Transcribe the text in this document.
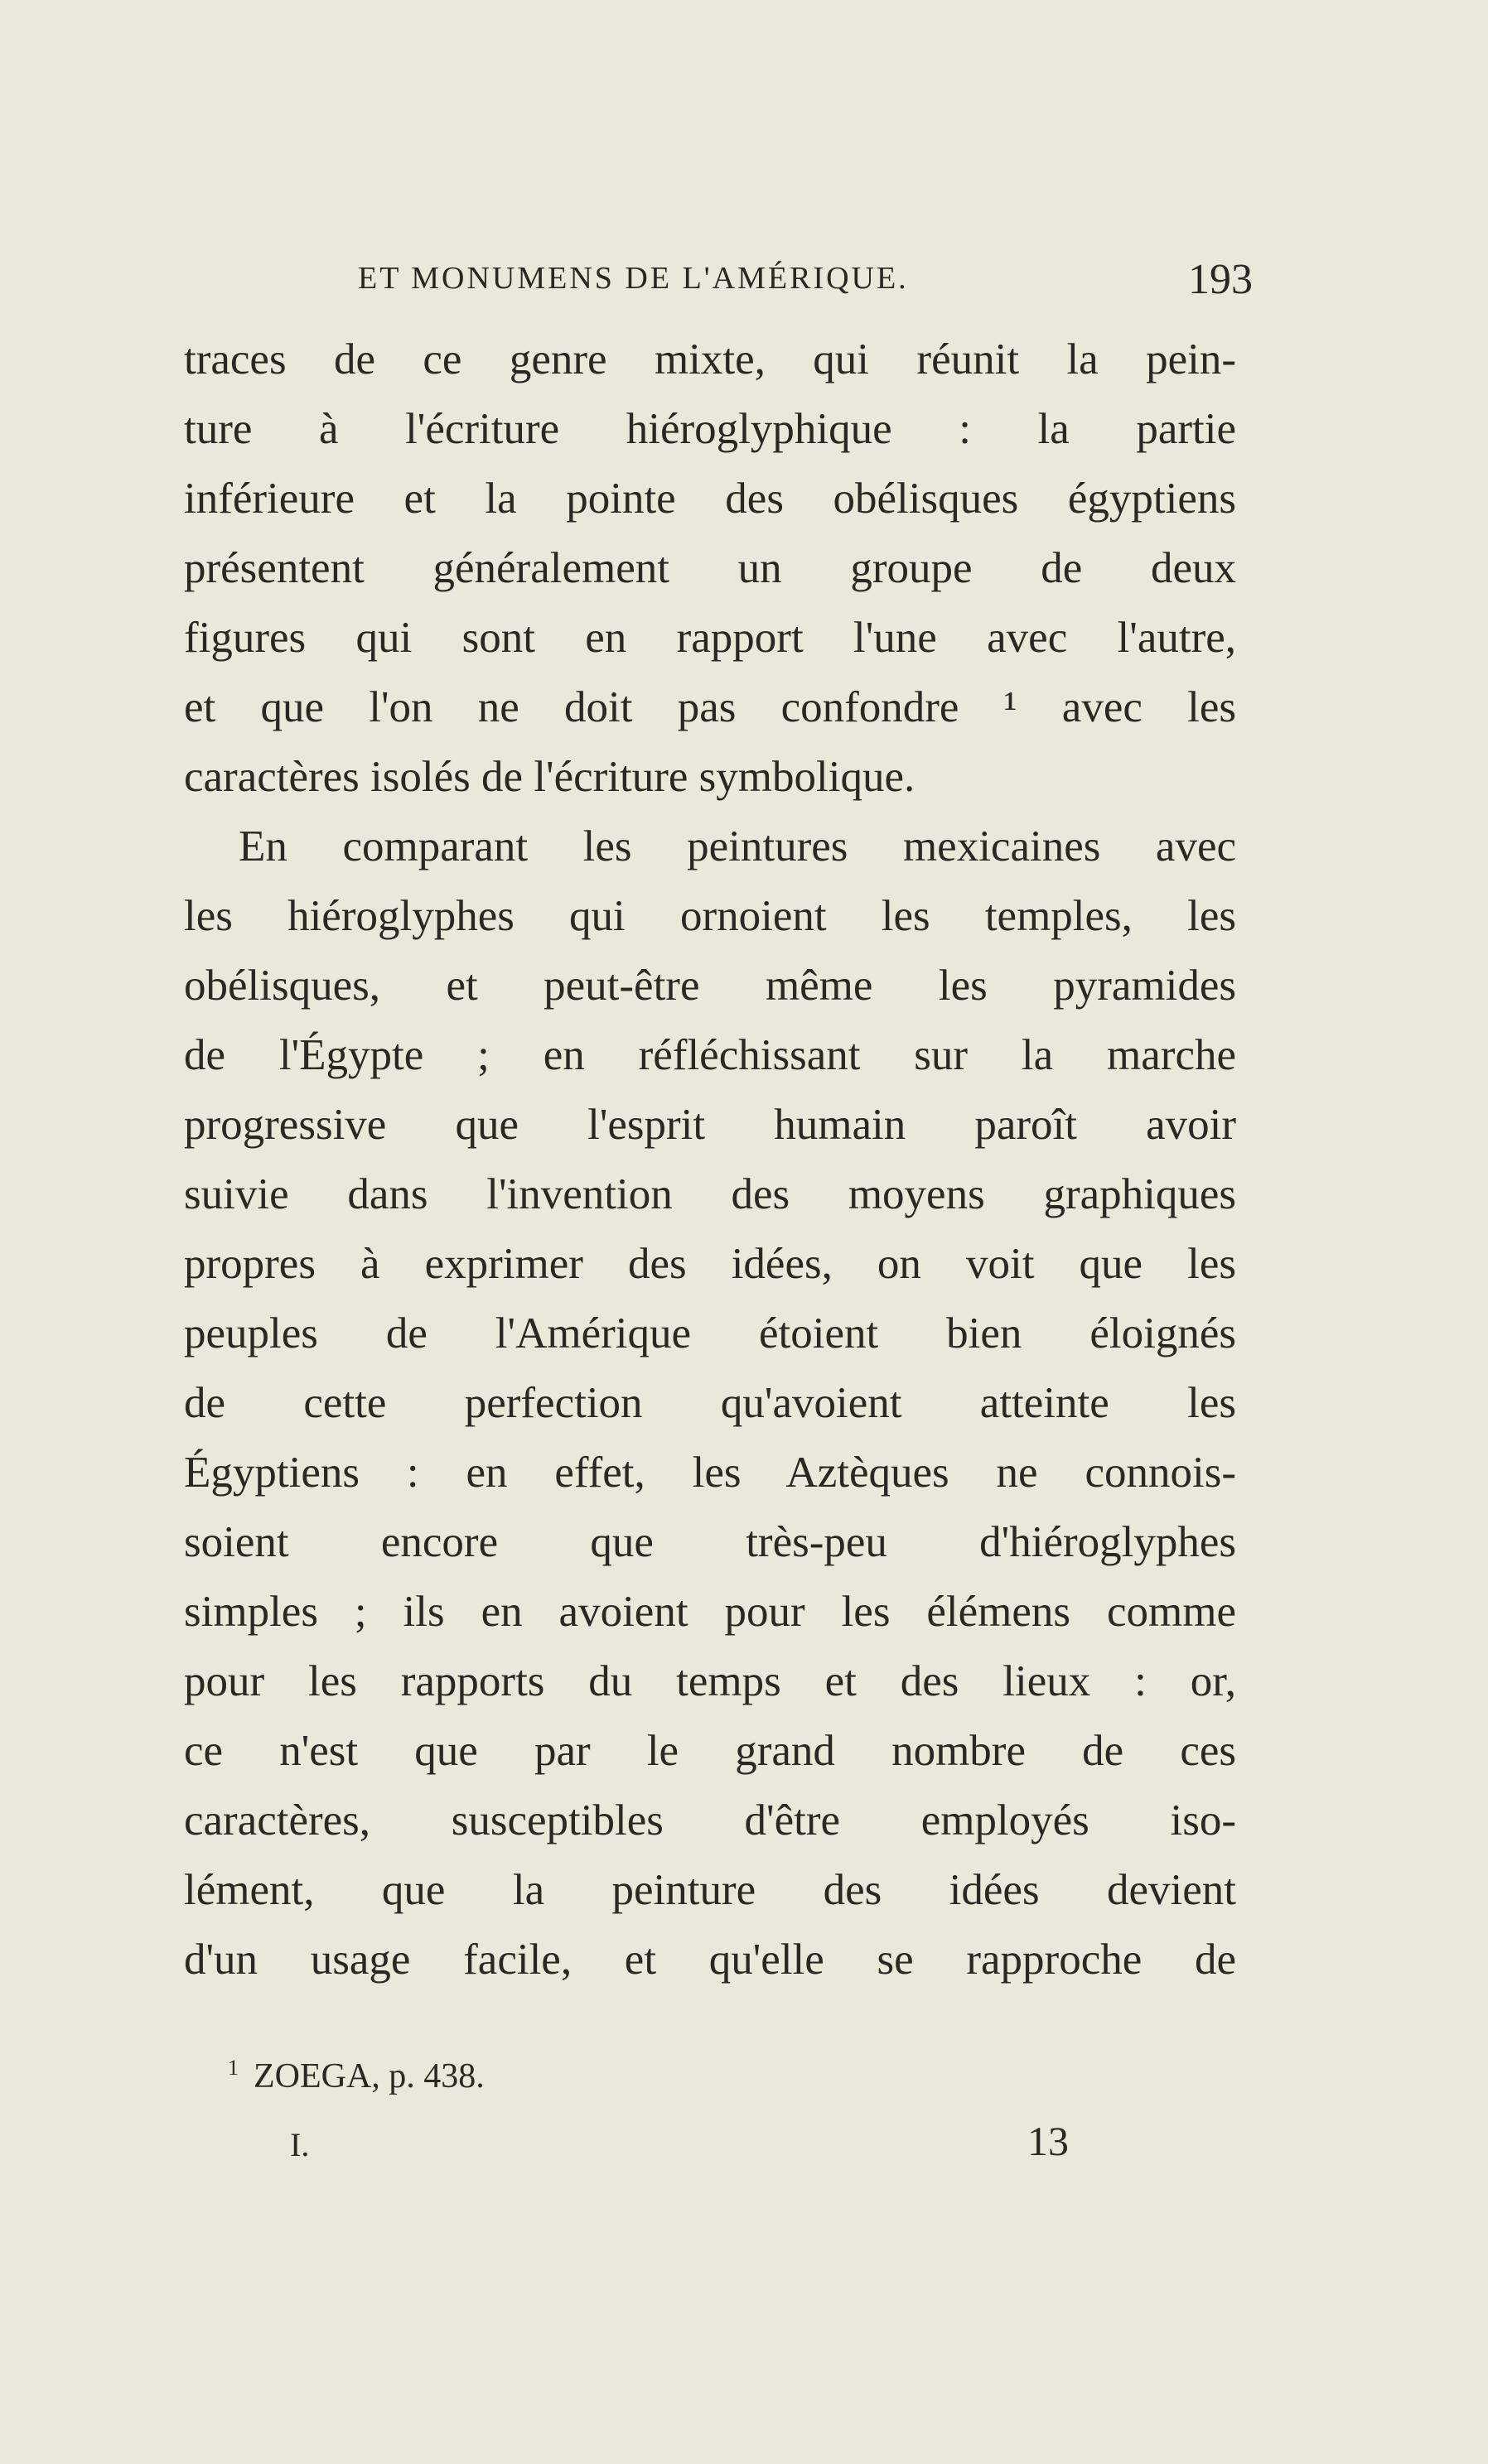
ET MONUMENS DE L'AMÉRIQUE.	193
traces de ce genre mixte, qui réunit la pein-
ture à l'écriture hiéroglyphique : la partie
inférieure et la pointe des obélisques égyptiens
présentent généralement un groupe de deux
figures qui sont en rapport l'une avec l'autre,
et que l'on ne doit pas confondre ¹ avec les
caractères isolés de l'écriture symbolique.
En comparant les peintures mexicaines avec
les hiéroglyphes qui ornoient les temples, les
obélisques, et peut-être même les pyramides
de l'Égypte ; en réfléchissant sur la marche
progressive que l'esprit humain paroît avoir
suivie dans l'invention des moyens graphiques
propres à exprimer des idées, on voit que les
peuples de l'Amérique étoient bien éloignés
de cette perfection qu'avoient atteinte les
Égyptiens : en effet, les Aztèques ne connois-
soient encore que très-peu d'hiéroglyphes
simples ; ils en avoient pour les élémens comme
pour les rapports du temps et des lieux : or,
ce n'est que par le grand nombre de ces
caractères, susceptibles d'être employés iso-
lément, que la peinture des idées devient
d'un usage facile, et qu'elle se rapproche de
$^1$ ZOEGA, p. 438.
I.	13
